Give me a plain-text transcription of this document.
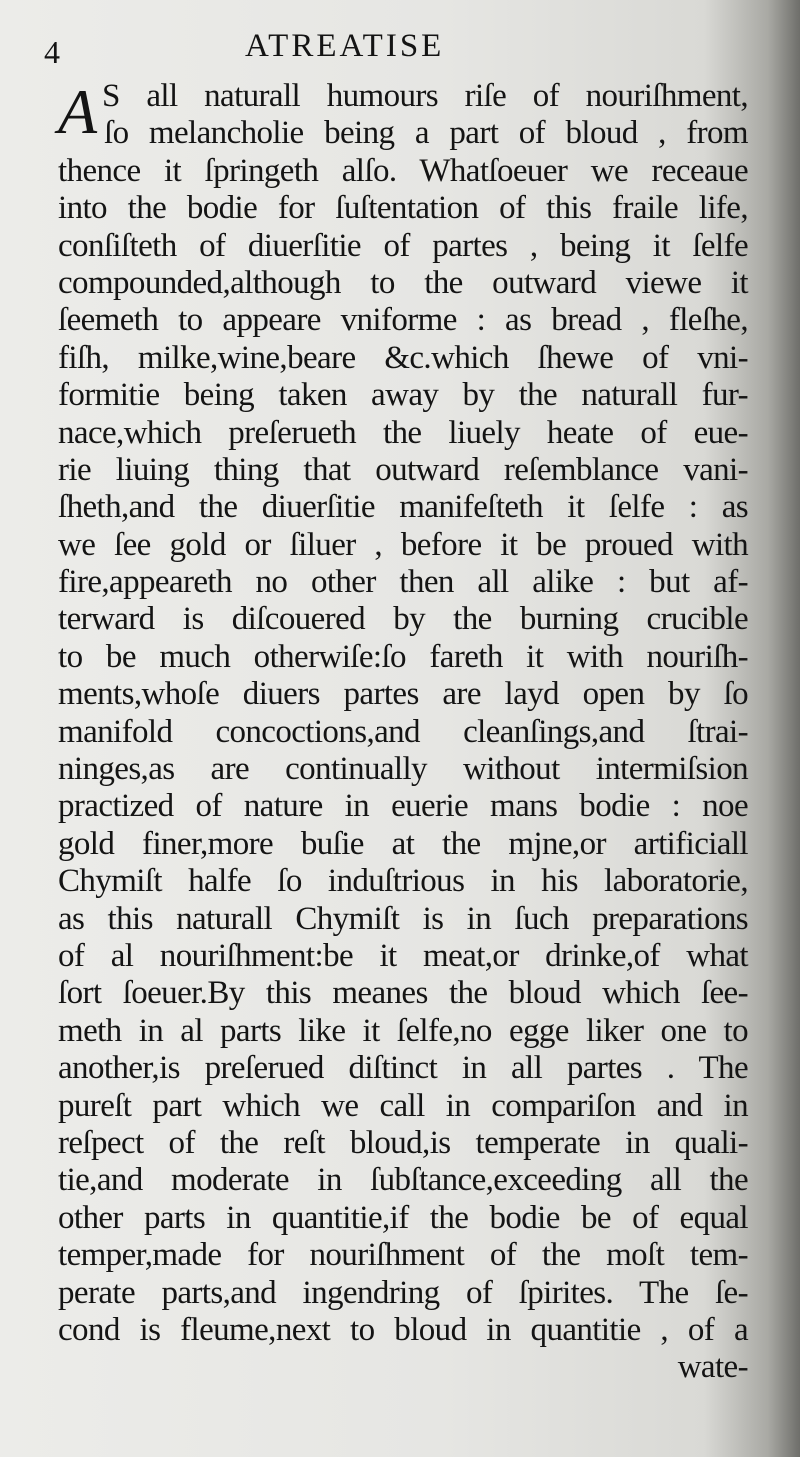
4	ATREATISE
A S all naturall humours riſe of nouriſhment,
ſo melancholie being a part of bloud , from
thence it ſpringeth alſo. Whatſoeuer we receaue
into the bodie for ſuſtentation of this fraile life,
conſiſteth of diuerſitie of partes , being it ſelfe
compounded,although to the outward viewe it
ſeemeth to appeare vniforme : as bread , fleſhe,
fiſh, milke,wine,beare &c.which ſhewe of vni-
formitie being taken away by the naturall fur-
nace,which preſerueth the liuely heate of eue-
rie liuing thing that outward reſemblance vani-
ſheth,and the diuerſitie manifeſteth it ſelfe : as
we ſee gold or ſiluer , before it be proued with
fire,appeareth no other then all alike : but af-
terward is diſcouered by the burning crucible
to be much otherwiſe:ſo fareth it with nouriſh-
ments,whoſe diuers partes are layd open by ſo
manifold concoctions,and cleanſings,and ſtrai-
ninges,as are continually without intermiſsion
practized of nature in euerie mans bodie : noe
gold finer,more buſie at the mjne,or artificiall
Chymiſt halfe ſo induſtrious in his laboratorie,
as this naturall Chymiſt is in ſuch preparations
of al nouriſhment:be it meat,or drinke,of what
ſort ſoeuer.By this meanes the bloud which ſee-
meth in al parts like it ſelfe,no egge liker one to
another,is preſerued diſtinct in all partes . The
pureſt part which we call in compariſon and in
reſpect of the reſt bloud,is temperate in quali-
tie,and moderate in ſubſtance,exceeding all the
other parts in quantitie,if the bodie be of equal
temper,made for nouriſhment of the moſt tem-
perate parts,and ingendring of ſpirites. The ſe-
cond is fleume,next to bloud in quantitie , of a
wate-
